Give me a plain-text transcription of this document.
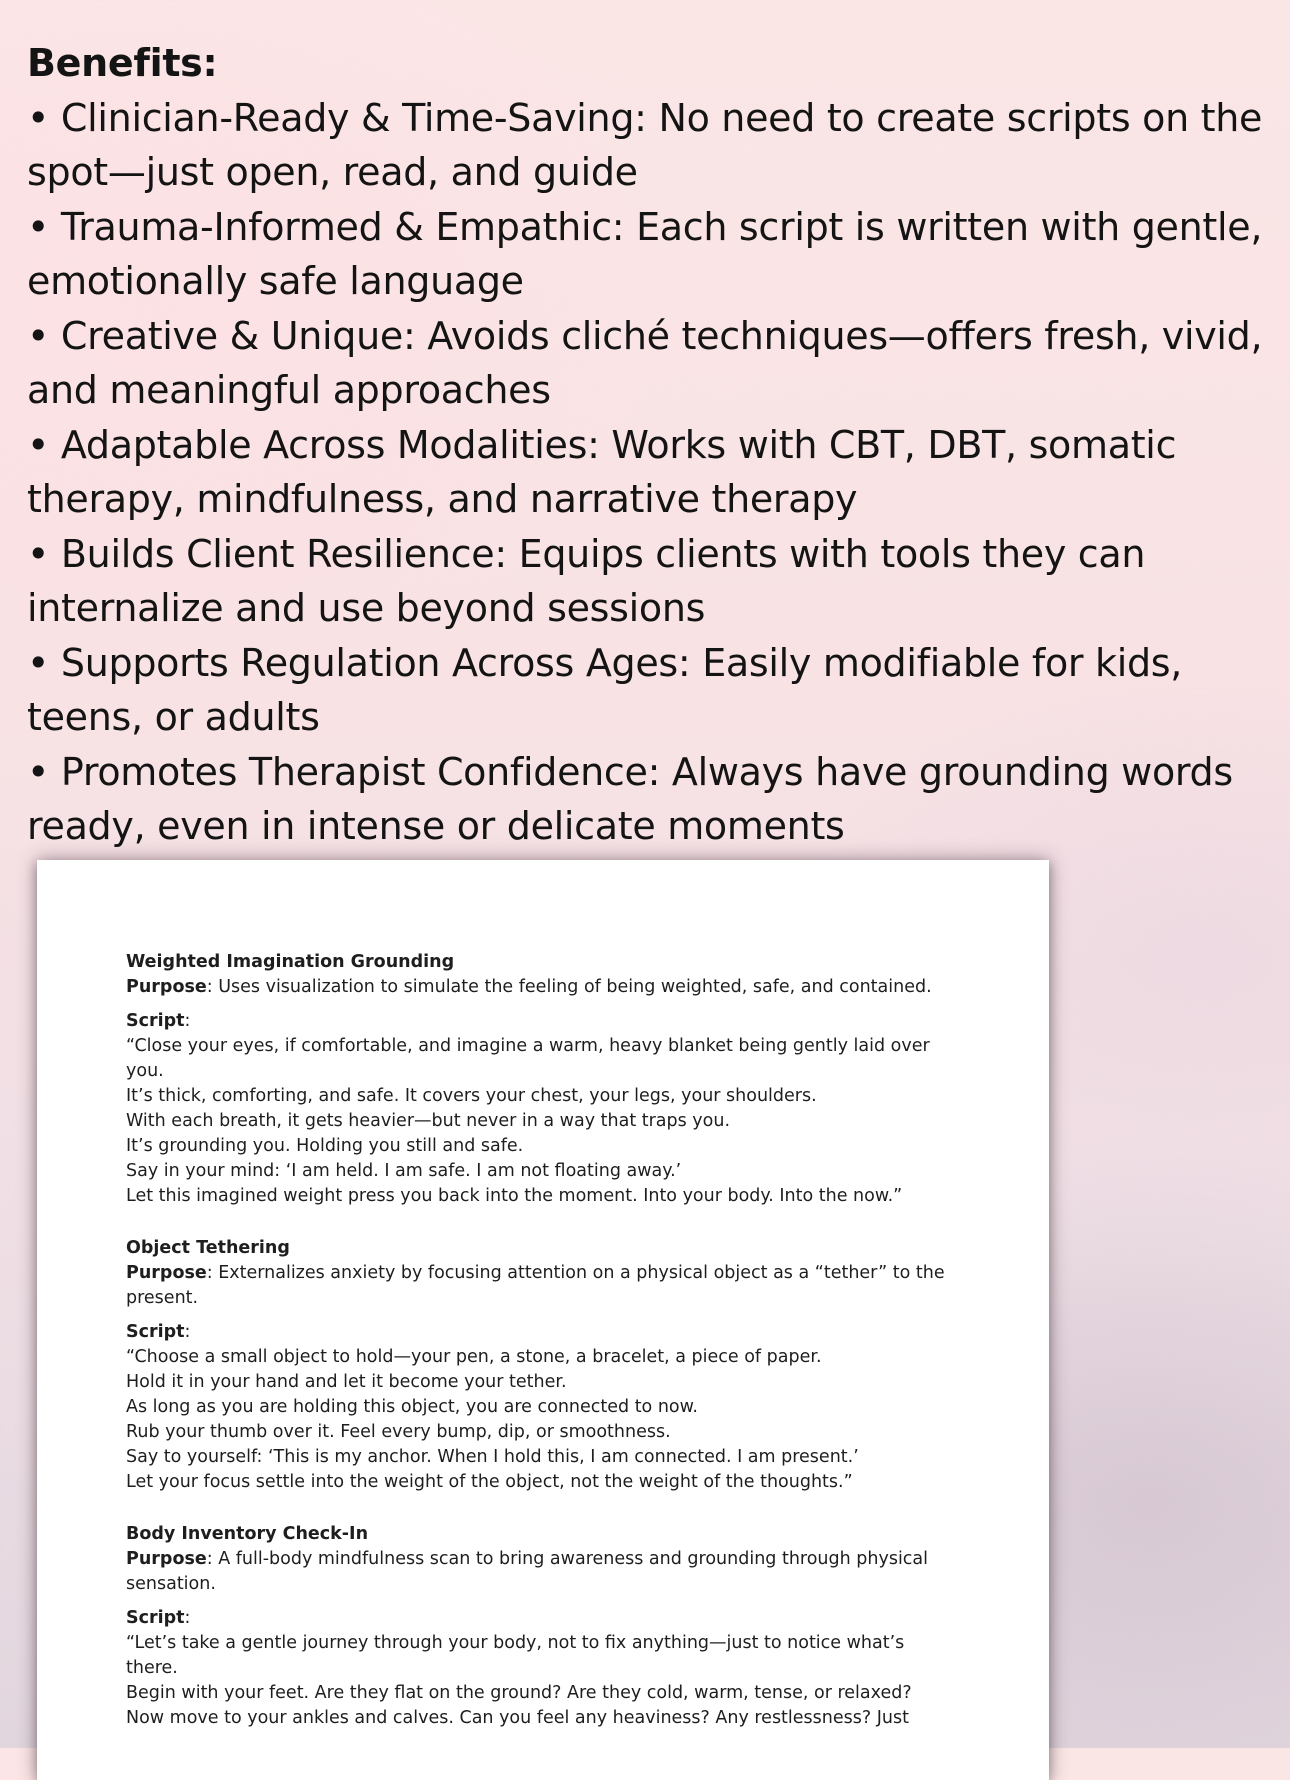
Benefits:
• Clinician-Ready & Time-Saving: No need to create scripts on the spot—just open, read, and guide
• Trauma-Informed & Empathic: Each script is written with gentle, emotionally safe language
• Creative & Unique: Avoids cliché techniques—offers fresh, vivid, and meaningful approaches
• Adaptable Across Modalities: Works with CBT, DBT, somatic therapy, mindfulness, and narrative therapy
• Builds Client Resilience: Equips clients with tools they can internalize and use beyond sessions
• Supports Regulation Across Ages: Easily modifiable for kids, teens, or adults
• Promotes Therapist Confidence: Always have grounding words ready, even in intense or delicate moments
Weighted Imagination Grounding
Purpose: Uses visualization to simulate the feeling of being weighted, safe, and contained.
Script:
“Close your eyes, if comfortable, and imagine a warm, heavy blanket being gently laid over you.
It’s thick, comforting, and safe. It covers your chest, your legs, your shoulders.
With each breath, it gets heavier—but never in a way that traps you.
It’s grounding you. Holding you still and safe.
Say in your mind: ‘I am held. I am safe. I am not floating away.’
Let this imagined weight press you back into the moment. Into your body. Into the now.”
Object Tethering
Purpose: Externalizes anxiety by focusing attention on a physical object as a “tether” to the present.
Script:
“Choose a small object to hold—your pen, a stone, a bracelet, a piece of paper.
Hold it in your hand and let it become your tether.
As long as you are holding this object, you are connected to now.
Rub your thumb over it. Feel every bump, dip, or smoothness.
Say to yourself: ‘This is my anchor. When I hold this, I am connected. I am present.’
Let your focus settle into the weight of the object, not the weight of the thoughts.”
Body Inventory Check-In
Purpose: A full-body mindfulness scan to bring awareness and grounding through physical sensation.
Script:
“Let’s take a gentle journey through your body, not to fix anything—just to notice what’s there.
Begin with your feet. Are they flat on the ground? Are they cold, warm, tense, or relaxed?
Now move to your ankles and calves. Can you feel any heaviness? Any restlessness? Just
